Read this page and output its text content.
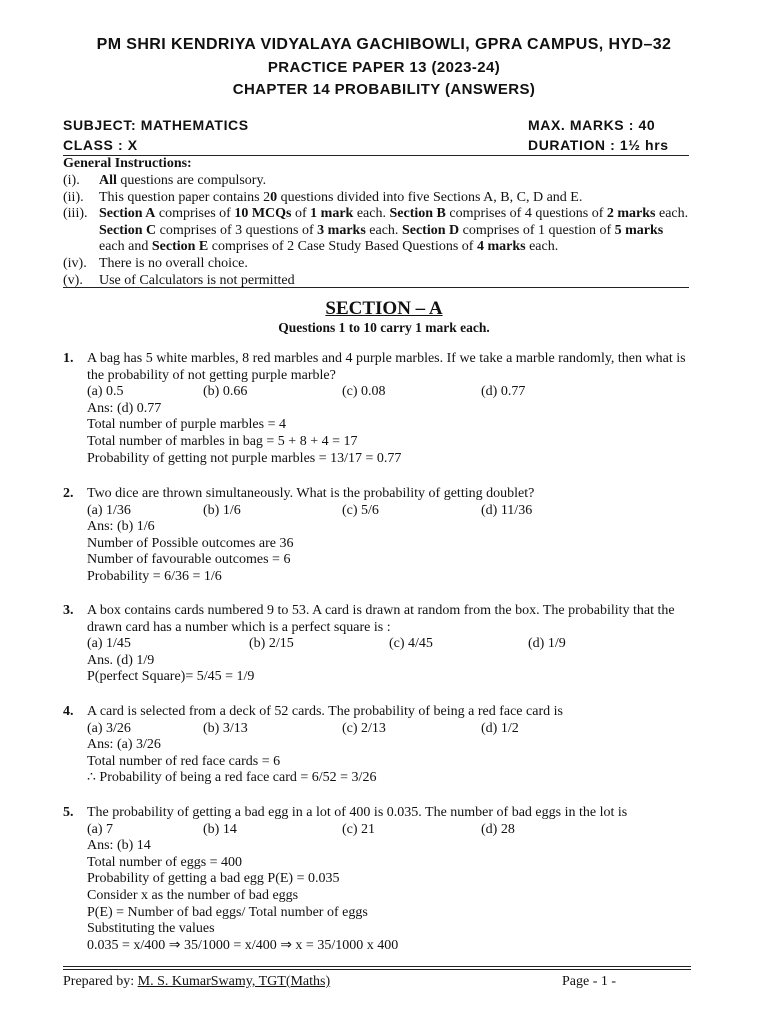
PM SHRI KENDRIYA VIDYALAYA GACHIBOWLI, GPRA CAMPUS, HYD–32
PRACTICE PAPER 13 (2023-24)
CHAPTER 14 PROBABILITY (ANSWERS)
SUBJECT: MATHEMATICS	MAX. MARKS : 40
CLASS : X	DURATION : 1½ hrs
General Instructions:
(i).	All questions are compulsory.
(ii).	This question paper contains 20 questions divided into five Sections A, B, C, D and E.
(iii). Section A comprises of 10 MCQs of 1 mark each. Section B comprises of 4 questions of 2 marks each. Section C comprises of 3 questions of 3 marks each. Section D comprises of 1 question of 5 marks each and Section E comprises of 2 Case Study Based Questions of 4 marks each.
(iv). There is no overall choice.
(v).	Use of Calculators is not permitted
SECTION – A
Questions 1 to 10 carry 1 mark each.
1. A bag has 5 white marbles, 8 red marbles and 4 purple marbles. If we take a marble randomly, then what is the probability of not getting purple marble?
(a) 0.5	(b) 0.66	(c) 0.08	(d) 0.77
Ans: (d) 0.77
Total number of purple marbles = 4
Total number of marbles in bag = 5 + 8 + 4 = 17
Probability of getting not purple marbles = 13/17 = 0.77
2. Two dice are thrown simultaneously. What is the probability of getting doublet?
(a) 1/36	(b) 1/6	(c) 5/6	(d) 11/36
Ans: (b) 1/6
Number of Possible outcomes are 36
Number of favourable outcomes = 6
Probability = 6/36 = 1/6
3. A box contains cards numbered 9 to 53. A card is drawn at random from the box. The probability that the drawn card has a number which is a perfect square is :
(a) 1/45	(b) 2/15	(c) 4/45	(d) 1/9
Ans. (d) 1/9
P(perfect Square)= 5/45 = 1/9
4. A card is selected from a deck of 52 cards. The probability of being a red face card is
(a) 3/26	(b) 3/13	(c) 2/13	(d) 1/2
Ans: (a) 3/26
Total number of red face cards = 6
∴ Probability of being a red face card = 6/52 = 3/26
5. The probability of getting a bad egg in a lot of 400 is 0.035. The number of bad eggs in the lot is
(a) 7	(b) 14	(c) 21	(d) 28
Ans: (b) 14
Total number of eggs = 400
Probability of getting a bad egg P(E) = 0.035
Consider x as the number of bad eggs
P(E) = Number of bad eggs/ Total number of eggs
Substituting the values
0.035 = x/400 ⇒ 35/1000 = x/400 ⇒ x = 35/1000 x 400
Prepared by: M. S. KumarSwamy, TGT(Maths)	Page - 1 -
